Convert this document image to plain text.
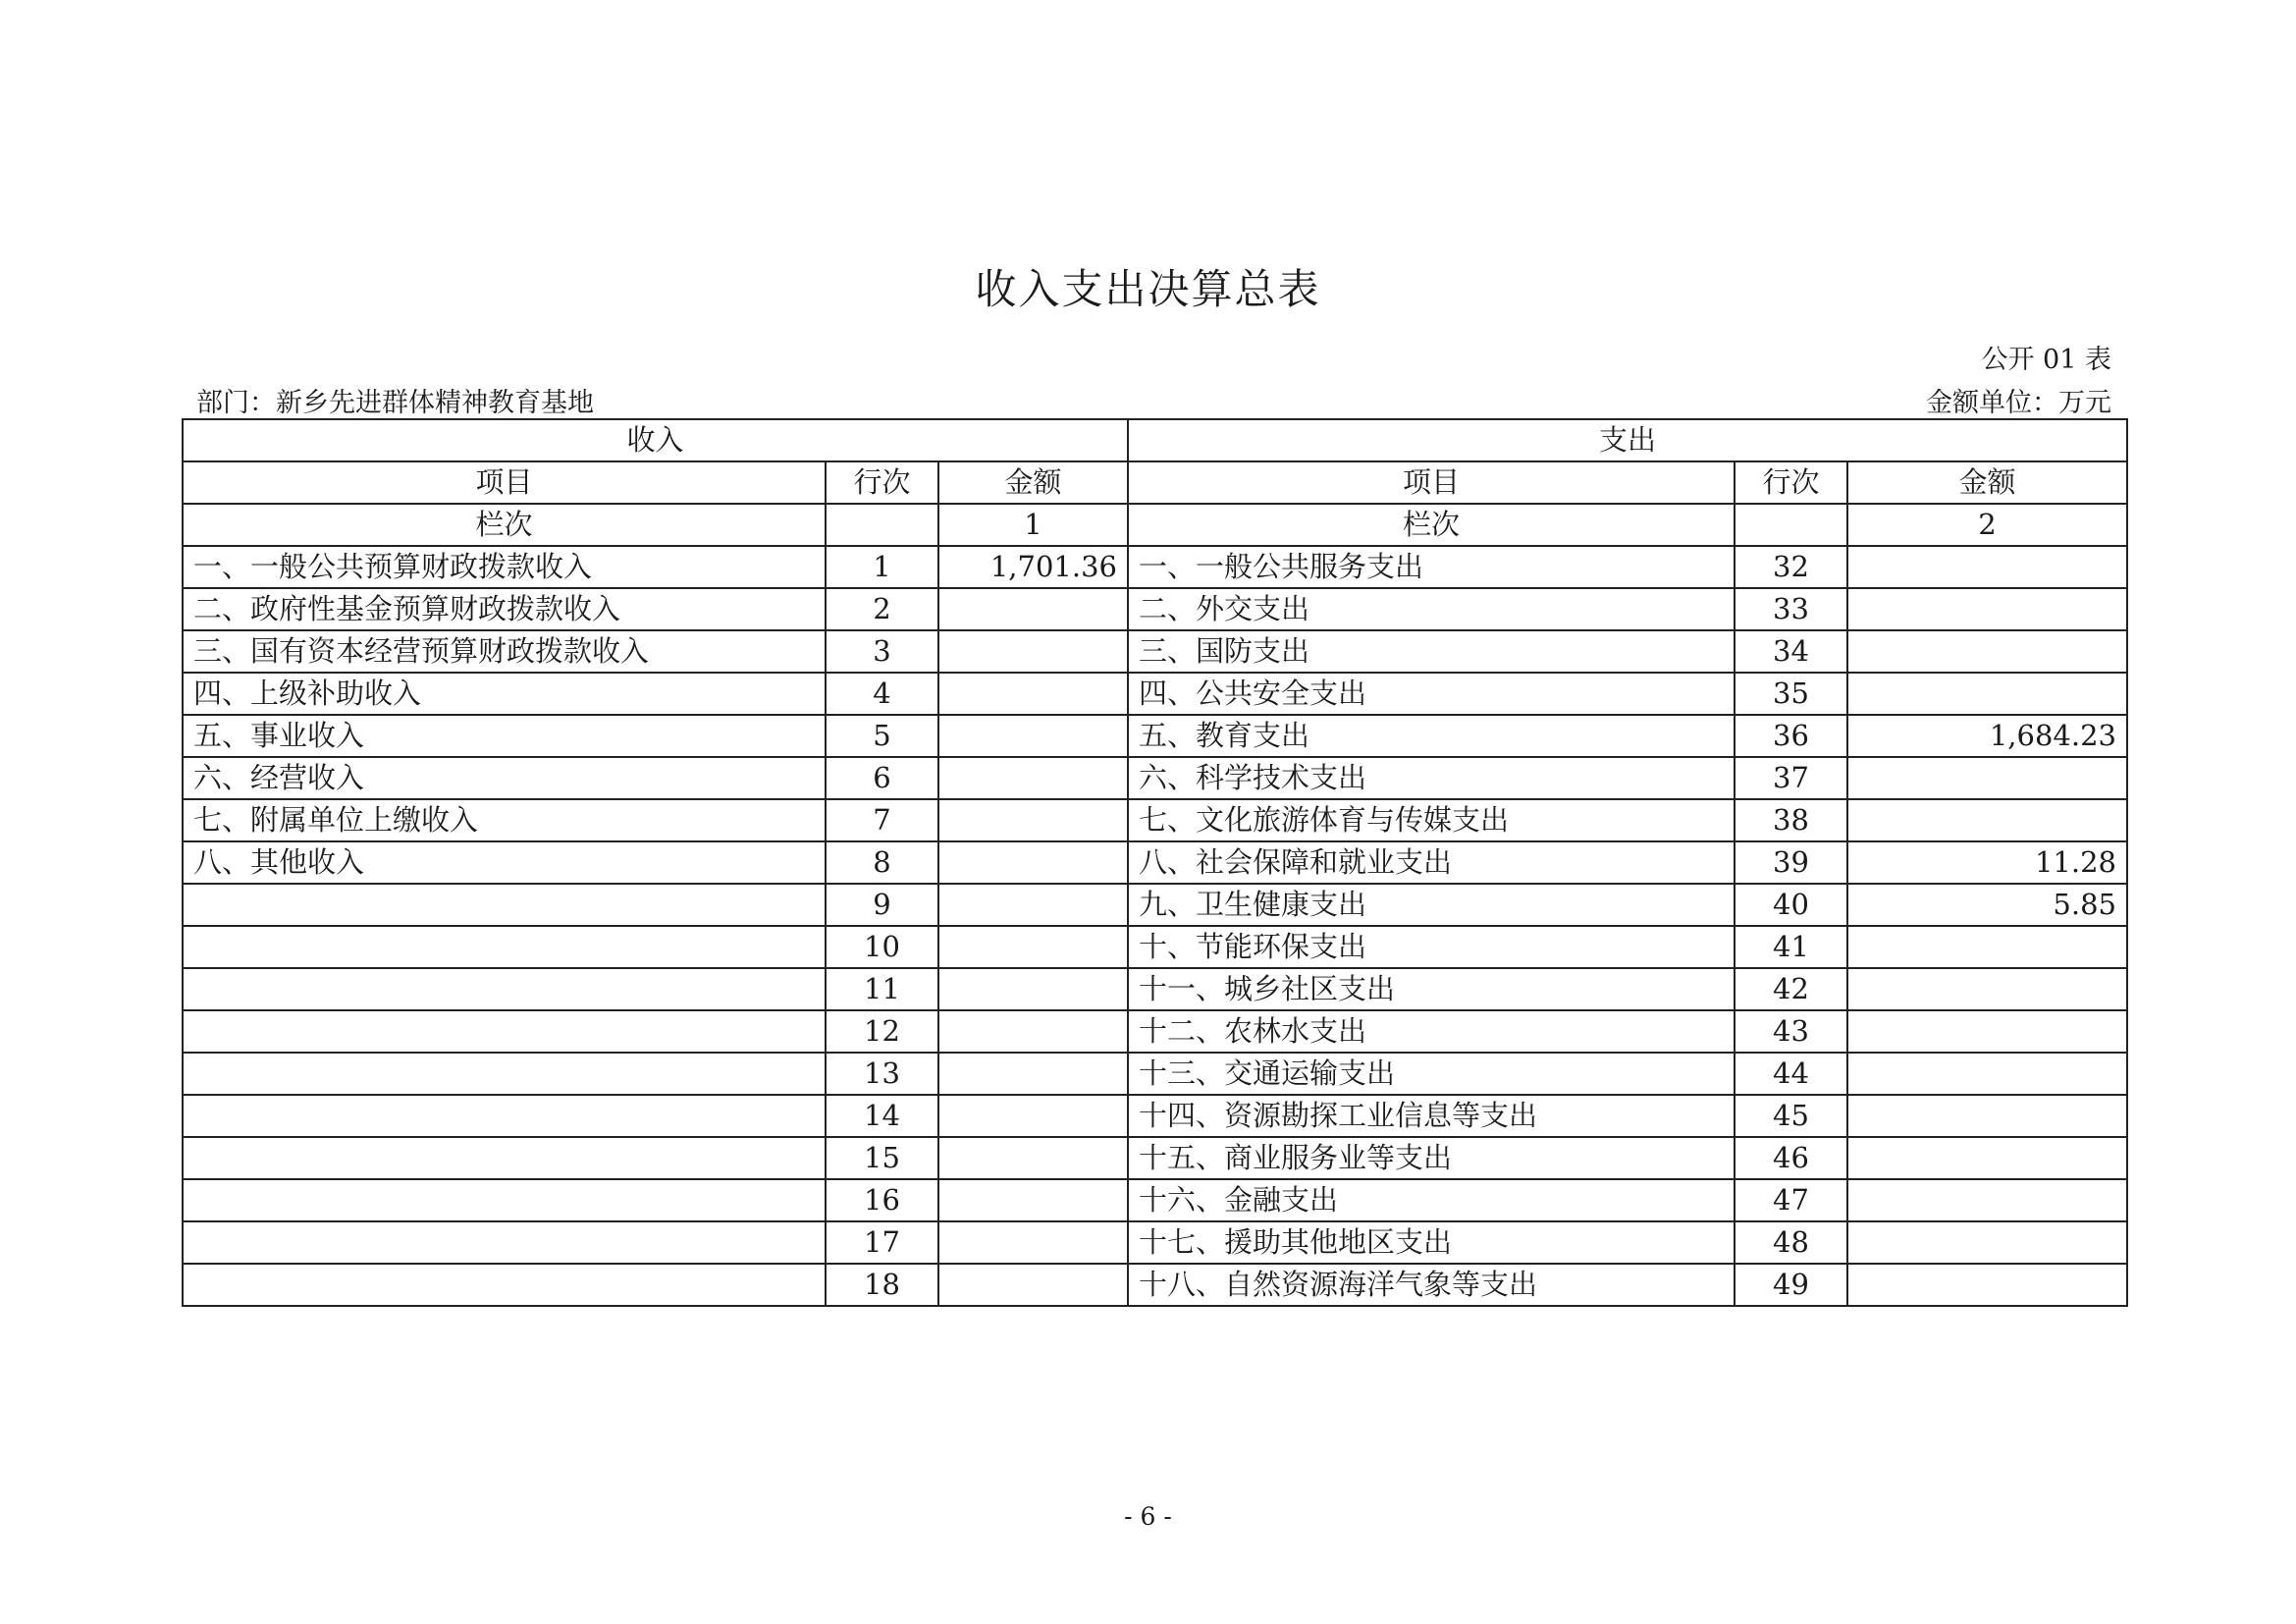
收入支出决算总表
公开 01 表
部门：新乡先进群体精神教育基地	金额单位：万元
收入			支出		
项目	行次	金额	项目	行次	金额
栏次		1	栏次		2
一、一般公共预算财政拨款收入	1	1,701.36	一、一般公共服务支出	32	
二、政府性基金预算财政拨款收入	2		二、外交支出	33	
三、国有资本经营预算财政拨款收入	3		三、国防支出	34	
四、上级补助收入	4		四、公共安全支出	35	
五、事业收入	5		五、教育支出	36	1,684.23
六、经营收入	6		六、科学技术支出	37	
七、附属单位上缴收入	7		七、文化旅游体育与传媒支出	38	
八、其他收入	8		八、社会保障和就业支出	39	11.28
	9		九、卫生健康支出	40	5.85
	10		十、节能环保支出	41	
	11		十一、城乡社区支出	42	
	12		十二、农林水支出	43	
	13		十三、交通运输支出	44	
	14		十四、资源勘探工业信息等支出	45	
	15		十五、商业服务业等支出	46	
	16		十六、金融支出	47	
	17		十七、援助其他地区支出	48	
	18		十八、自然资源海洋气象等支出	49	
- 6 -
